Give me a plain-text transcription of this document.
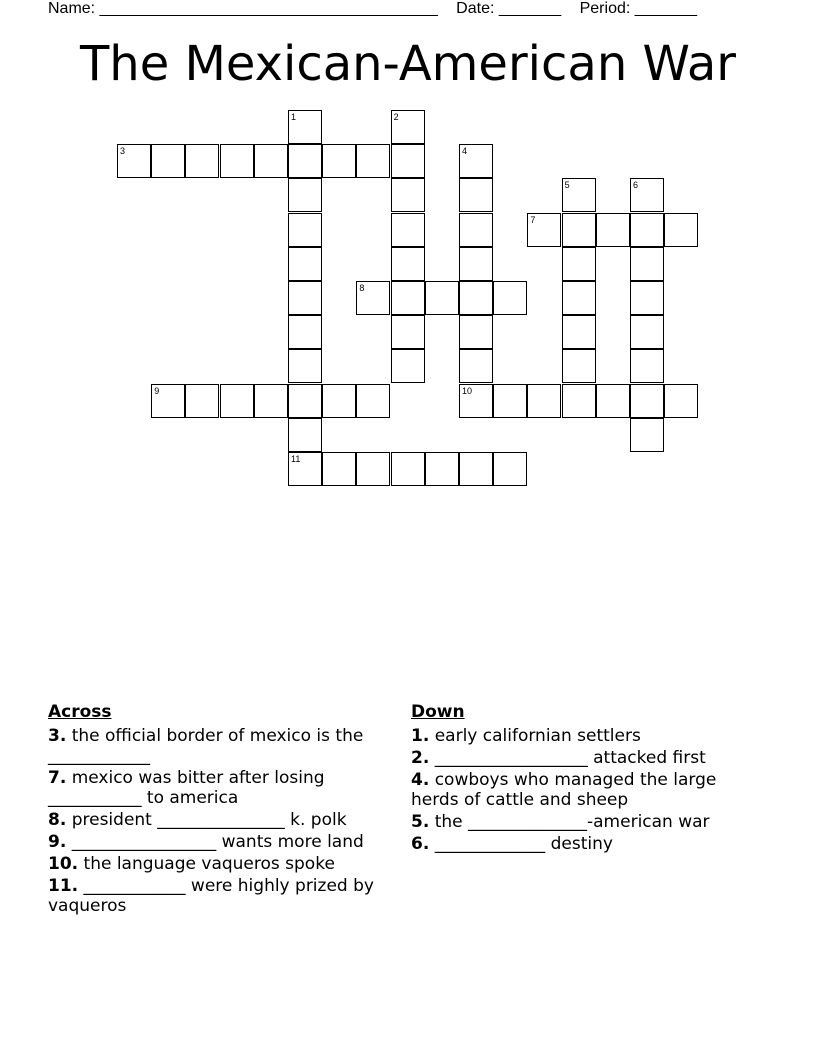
Name: ______________________________________ Date: _______ Period: _______
The Mexican-American War
1	2
3	4
10
5	6
7
8
9
11
Across
3. the official border of mexico is the ____________
7. mexico was bitter after losing ___________ to america
8. president _______________ k. polk
9. _________________ wants more land
10. the language vaqueros spoke
11. ____________ were highly prized by vaqueros
Down
1. early californian settlers
2. __________________ attacked first
4. cowboys who managed the large herds of cattle and sheep
5. the ______________-american war
6. _____________ destiny
